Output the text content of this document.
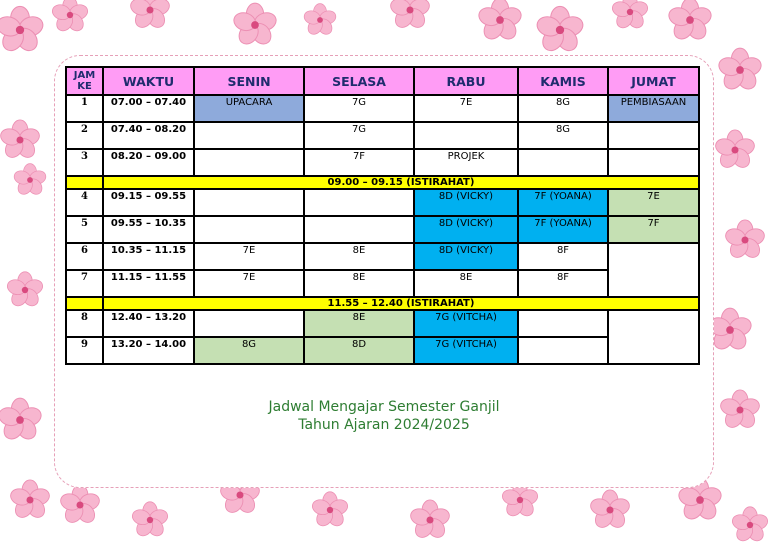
JAM KE	WAKTU	SENIN	SELASA	RABU	KAMIS	JUMAT
1	07.00 – 07.40	UPACARA	7G	7E	8G	PEMBIASAAN
2	07.40 – 08.20		7G		8G	
3	08.20 – 09.00		7F	PROJEK		
	09.00 – 09.15 (ISTIRAHAT)					
4	09.15 – 09.55			8D (VICKY)	7F (YOANA)	7E
5	09.55 – 10.35			8D (VICKY)	7F (YOANA)	7F
6	10.35 – 11.15	7E	8E	8D (VICKY)	8F	
7	11.15 – 11.55	7E	8E	8E	8F	
	11.55 – 12.40 (ISTIRAHAT)					
8	12.40 – 13.20		8E	7G (VITCHA)		
9	13.20 – 14.00	8G	8D	7G (VITCHA)		
Jadwal Mengajar Semester Ganjil
Tahun Ajaran 2024/2025
